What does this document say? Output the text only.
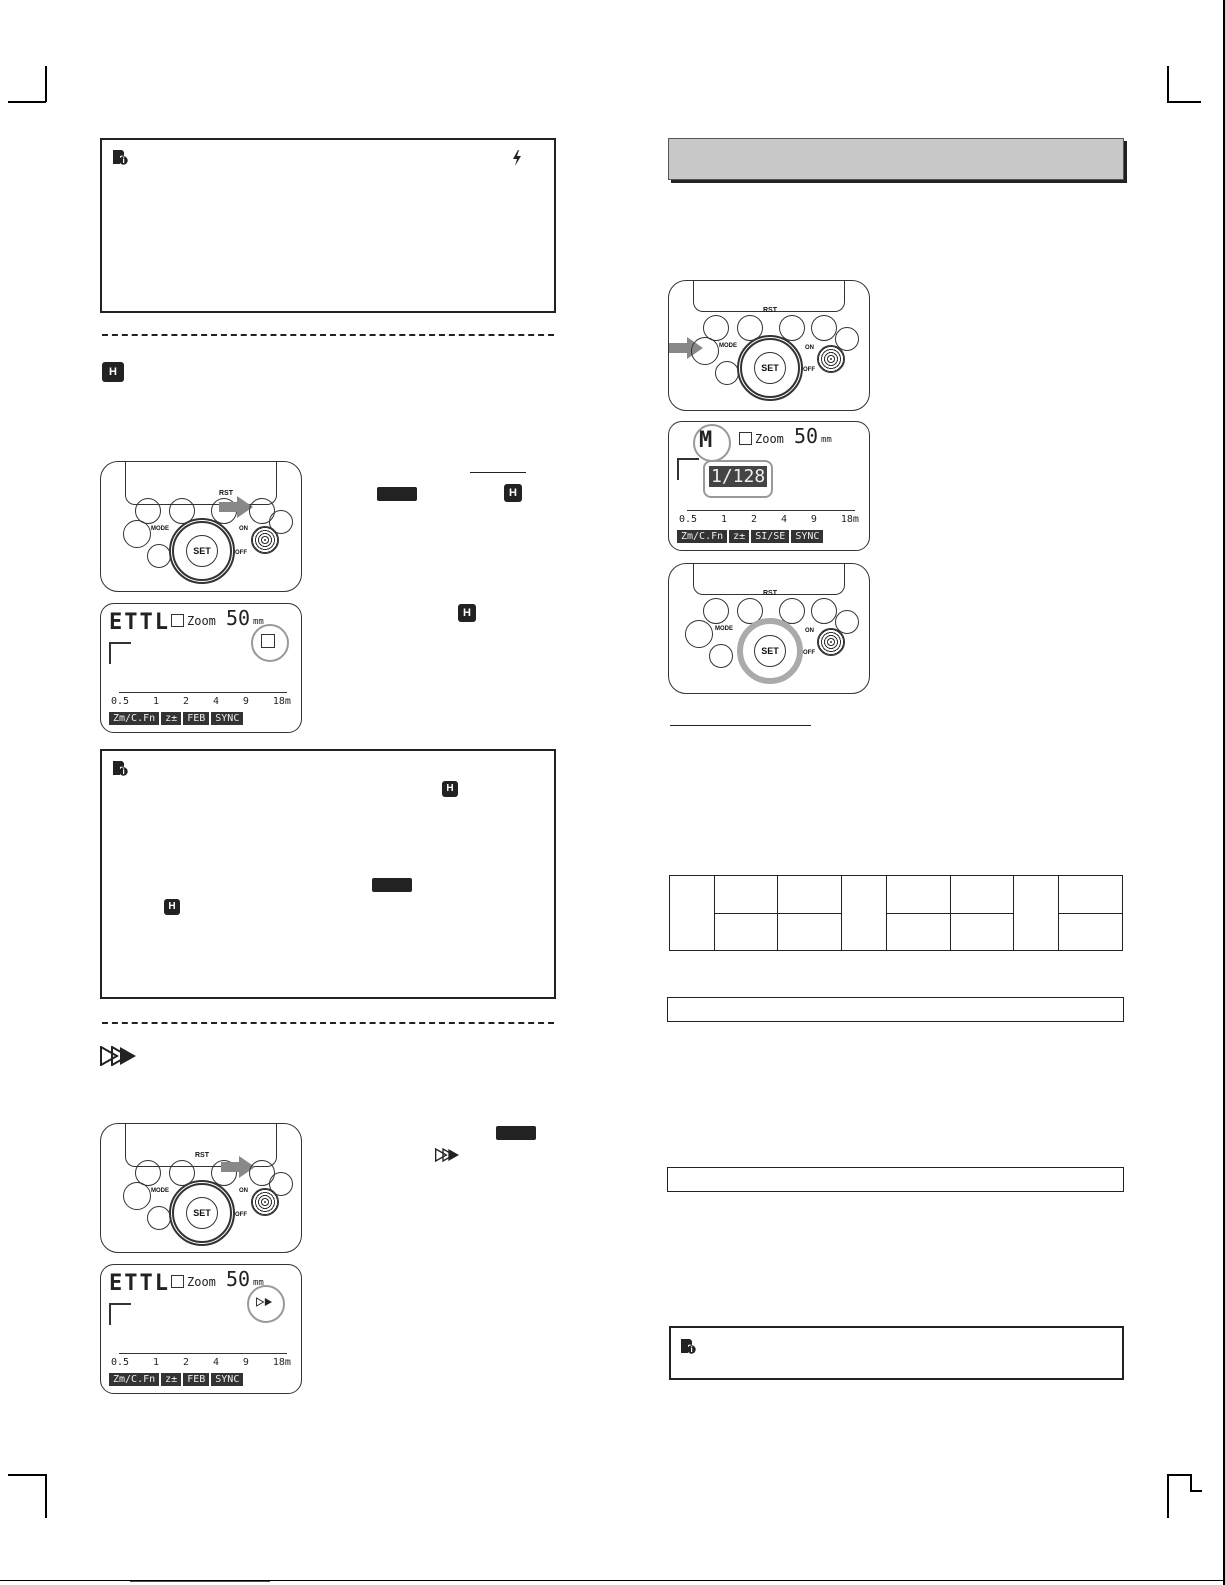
H
RST
MODE
SET
ON
OFF
H
ETTL Zoom 50 mm
0.5 1 2 4 9 18m
Zm/C.Fn	z±	FEB	SYNC
H
H
H
RST
MODE
SET
ON
OFF
ETTL Zoom 50 mm
0.5 1 2 4 9 18m
Zm/C.Fn	z±	FEB	SYNC
RST
MODE
SET
ON
OFF
M	Zoom 50 mm
1/128
0.5 1 2 4 9 18m
Zm/C.Fn	z±	SI/SE	SYNC
RST
MODE
SET
ON
OFF
